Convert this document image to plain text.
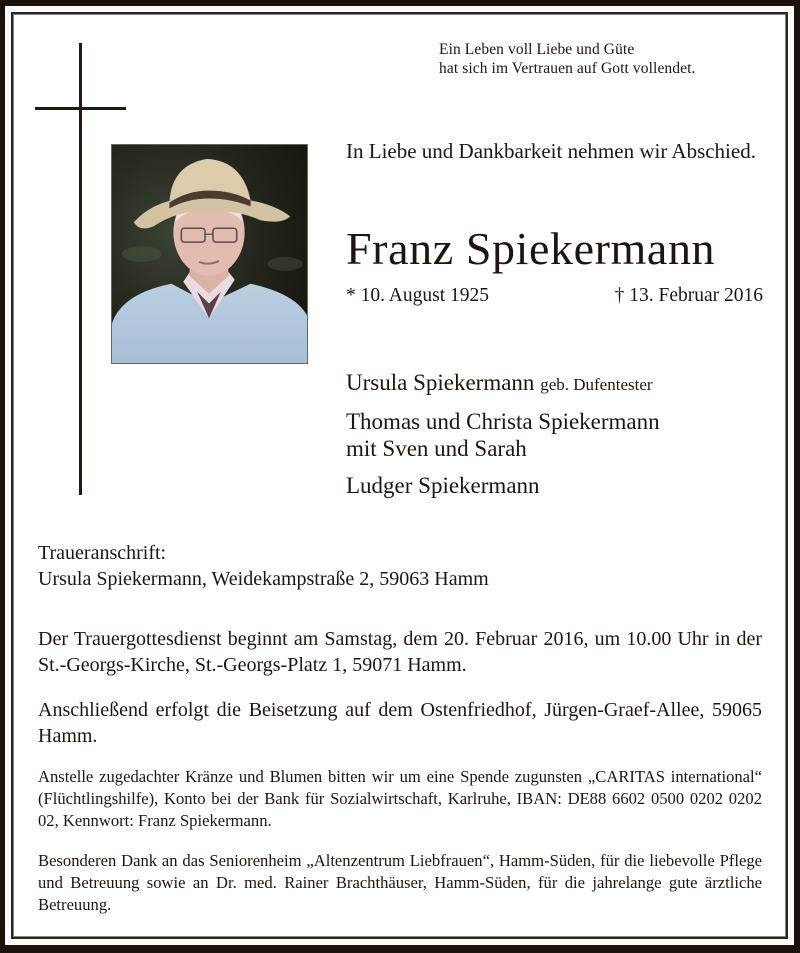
Ein Leben voll Liebe und Güte
hat sich im Vertrauen auf Gott vollendet.
In Liebe und Dankbarkeit nehmen wir Abschied.
Franz Spiekermann
* 10. August 1925	† 13. Februar 2016
Ursula Spiekermann geb. Dufentester
Thomas und Christa Spiekermann
mit Sven und Sarah
Ludger Spiekermann
Traueranschrift:
Ursula Spiekermann, Weidekampstraße 2, 59063 Hamm
Der Trauergottesdienst beginnt am Samstag, dem 20. Februar 2016, um 10.00 Uhr in der St.-Georgs-Kirche, St.-Georgs-Platz 1, 59071 Hamm.
Anschließend erfolgt die Beisetzung auf dem Ostenfriedhof, Jürgen-Graef-Allee, 59065 Hamm.
Anstelle zugedachter Kränze und Blumen bitten wir um eine Spende zugunsten „CARITAS international“ (Flüchtlingshilfe), Konto bei der Bank für Sozialwirtschaft, Karlruhe, IBAN: DE88 6602 0500 0202 0202 02, Kennwort: Franz Spiekermann.
Besonderen Dank an das Seniorenheim „Altenzentrum Liebfrauen“, Hamm-Süden, für die liebevolle Pflege und Betreuung sowie an Dr. med. Rainer Brachthäuser, Hamm-Süden, für die jahrelange gute ärztliche Betreuung.
